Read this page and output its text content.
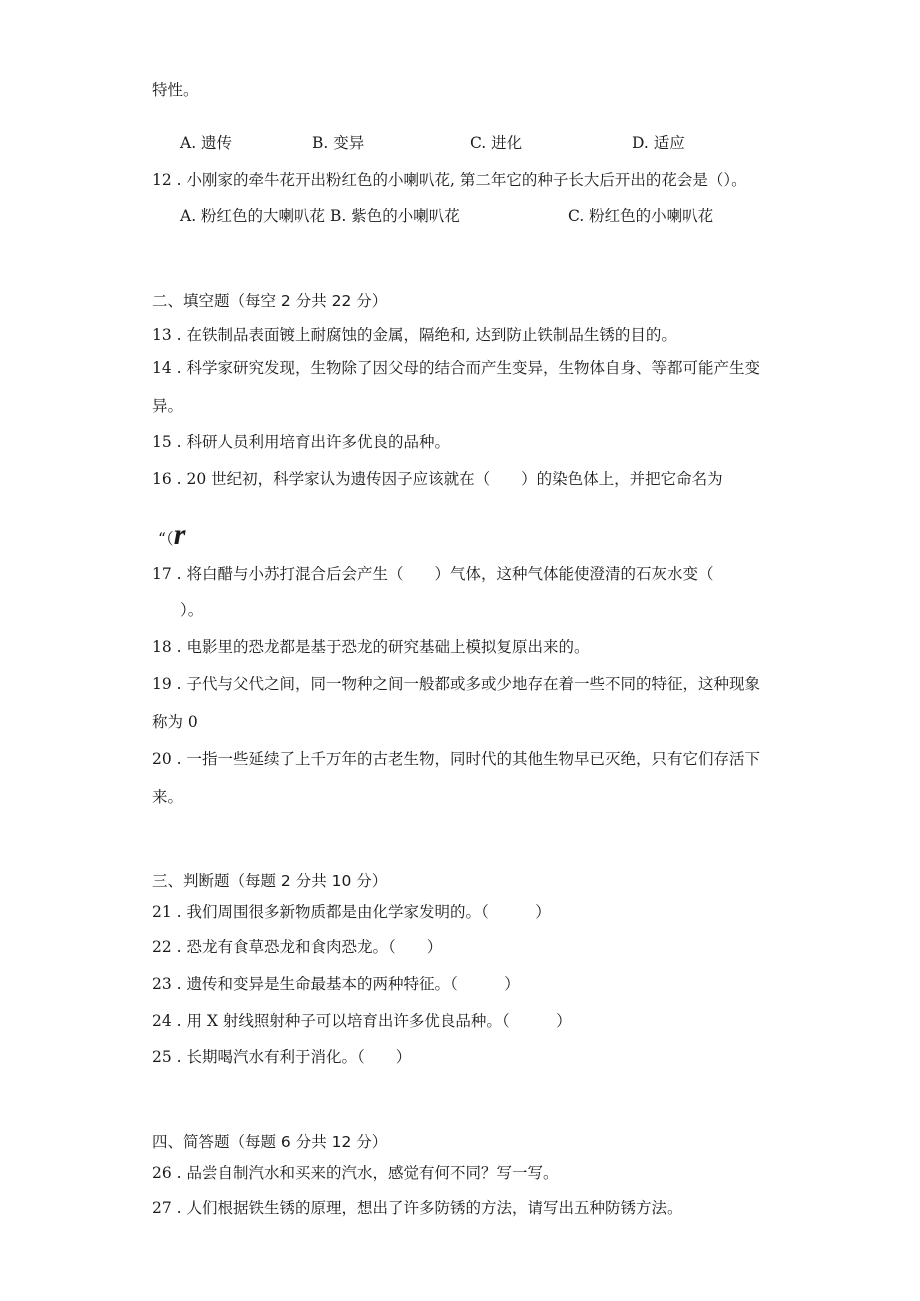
特性。
A. 遗传	B. 变异	C. 进化	D. 适应
12 . 小刚家的牵牛花开出粉红色的小喇叭花, 第二年它的种子长大后开出的花会是（）。
A. 粉红色的大喇叭花 B. 紫色的小喇叭花	C. 粉红色的小喇叭花
二、填空题（每空 2 分共 22 分）
13 . 在铁制品表面镀上耐腐蚀的金属，隔绝和, 达到防止铁制品生锈的目的。
14 . 科学家研究发现，生物除了因父母的结合而产生变异，生物体自身、等都可能产生变
异。
15 . 科研人员利用培育出许多优良的品种。
16 . 20 世纪初，科学家认为遗传因子应该就在（　　）的染色体上，并把它命名为
“（r
17 . 将白醋与小苏打混合后会产生（　　）气体，这种气体能使澄清的石灰水变（
）。
18 . 电影里的恐龙都是基于恐龙的研究基础上模拟复原出来的。
19 . 子代与父代之间，同一物种之间一般都或多或少地存在着一些不同的特征，这种现象
称为 0
20 . 一指一些延续了上千万年的古老生物，同时代的其他生物早已灭绝，只有它们存活下
来。
三、判断题（每题 2 分共 10 分）
21 . 我们周围很多新物质都是由化学家发明的。（　　　）
22 . 恐龙有食草恐龙和食肉恐龙。（　　）
23 . 遗传和变异是生命最基本的两种特征。（　　　）
24 . 用 X 射线照射种子可以培育出许多优良品种。（　　　）
25 . 长期喝汽水有利于消化。（　　）
四、简答题（每题 6 分共 12 分）
26 . 品尝自制汽水和买来的汽水，感觉有何不同？写一写。
27 . 人们根据铁生锈的原理，想出了许多防锈的方法，请写出五种防锈方法。
